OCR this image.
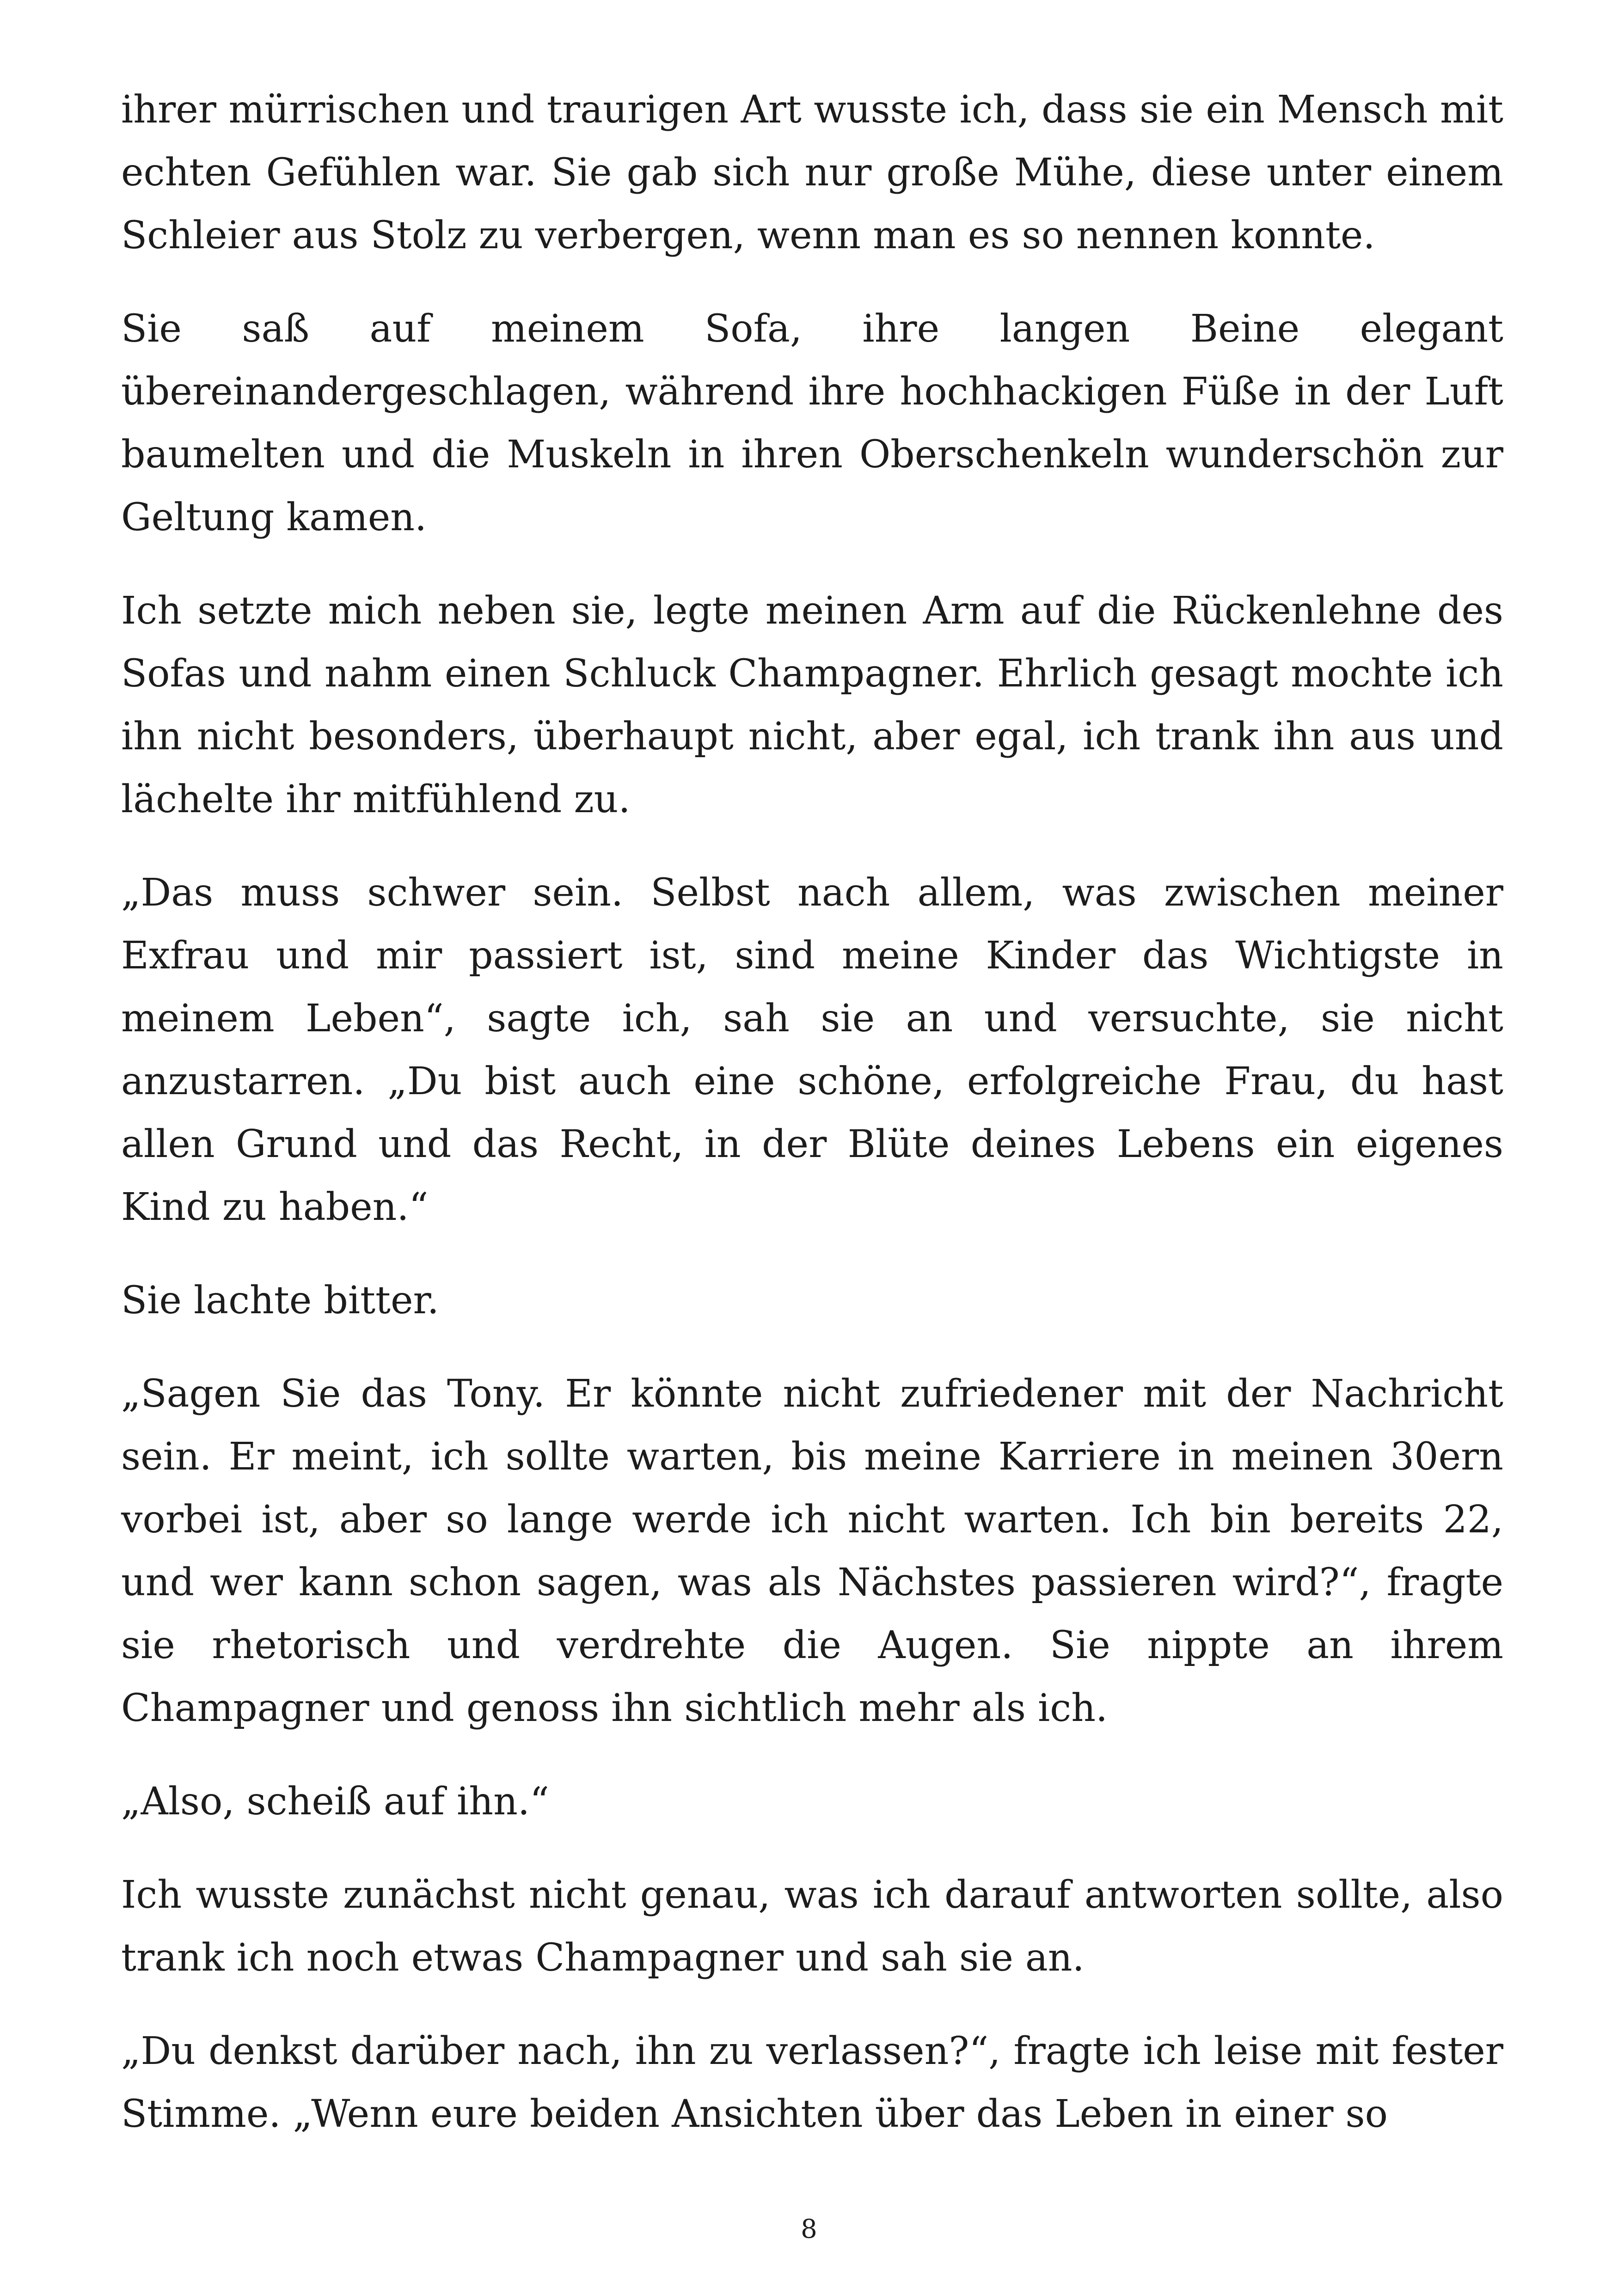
ihrer mürrischen und traurigen Art wusste ich, dass sie ein Mensch mit echten Gefühlen war. Sie gab sich nur große Mühe, diese unter einem Schleier aus Stolz zu verbergen, wenn man es so nennen konnte.

Sie saß auf meinem Sofa, ihre langen Beine elegant übereinandergeschlagen, während ihre hochhackigen Füße in der Luft baumelten und die Muskeln in ihren Oberschenkeln wunderschön zur Geltung kamen.

Ich setzte mich neben sie, legte meinen Arm auf die Rückenlehne des Sofas und nahm einen Schluck Champagner. Ehrlich gesagt mochte ich ihn nicht besonders, überhaupt nicht, aber egal, ich trank ihn aus und lächelte ihr mitfühlend zu.

„Das muss schwer sein. Selbst nach allem, was zwischen meiner Exfrau und mir passiert ist, sind meine Kinder das Wichtigste in meinem Leben“, sagte ich, sah sie an und versuchte, sie nicht anzustarren. „Du bist auch eine schöne, erfolgreiche Frau, du hast allen Grund und das Recht, in der Blüte deines Lebens ein eigenes Kind zu haben.“

Sie lachte bitter.

„Sagen Sie das Tony. Er könnte nicht zufriedener mit der Nachricht sein. Er meint, ich sollte warten, bis meine Karriere in meinen 30ern vorbei ist, aber so lange werde ich nicht warten. Ich bin bereits 22, und wer kann schon sagen, was als Nächstes passieren wird?“, fragte sie rhetorisch und verdrehte die Augen. Sie nippte an ihrem Champagner und genoss ihn sichtlich mehr als ich.

„Also, scheiß auf ihn.“

Ich wusste zunächst nicht genau, was ich darauf antworten sollte, also trank ich noch etwas Champagner und sah sie an.

„Du denkst darüber nach, ihn zu verlassen?“, fragte ich leise mit fester Stimme. „Wenn eure beiden Ansichten über das Leben in einer so

8
